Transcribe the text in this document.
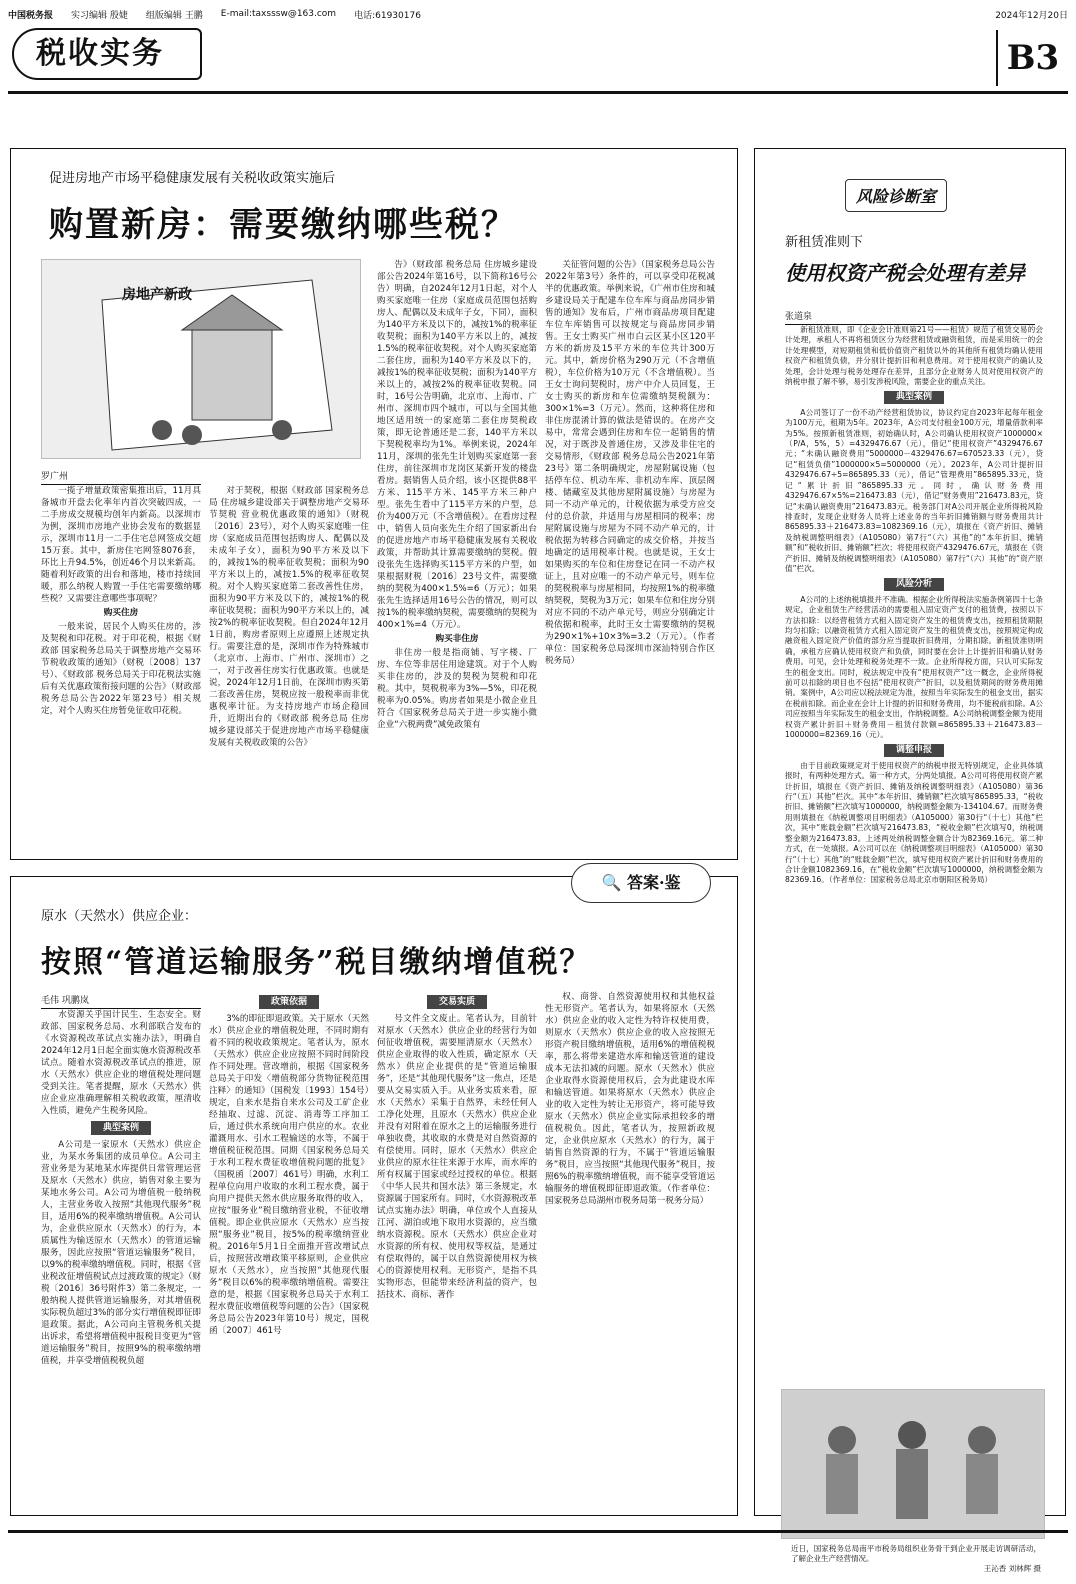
中国税务报 实习编辑 殷婕 组版编辑 王鹏 E-mail:taxsssw@163.com 电话:61930176	2024年12月20日
税收实务	B3
促进房地产市场平稳健康发展有关税收政策实施后
购置新房：需要缴纳哪些税？
房地产新政
罗广州

一揽子增量政策密集推出后，11月具备城市开盘去化率年内首次突破四成，一二手房成交规模均创年内新高。以深圳市为例，深圳市房地产业协会发布的数据显示，深圳市11月一二手住宅总网签成交超15万套。其中，新房住宅网签8076套，环比上升94.5%，创近46个月以来新高。随着利好政策的出台和落地，楼市持续回暖，那么纳税人购置一手住宅需要缴纳哪些税？又需要注意哪些事项呢？

购买住房

一般来说，居民个人购买住房的，涉及契税和印花税。对于印花税，根据《财政部 国家税务总局关于调整房地产交易环节税收政策的通知》（财税〔2008〕137号）、《财政部 税务总局关于印花税法实施后有关优惠政策衔接问题的公告》（财政部 税务总局公告2022年第23号）相关规定，对个人购买住房暂免征收印花税。

对于契税，根据《财政部 国家税务总局 住房城乡建设部关于调整房地产交易环节契税 营业税优惠政策的通知》（财税〔2016〕23号），对个人购买家庭唯一住房（家庭成员范围包括购房人、配偶以及未成年子女），面积为90平方米及以下的，减按1%的税率征收契税；面积为90平方米以上的，减按1.5%的税率征收契税。对个人购买家庭第二套改善性住房，面积为90平方米及以下的，减按1%的税率征收契税；面积为90平方米以上的，减按2%的税率征收契税。但自2024年12月1日前，购房者原则上应遵照上述规定执行。需要注意的是，深圳市作为特殊城市（北京市、上海市、广州市、深圳市）之一，对于改善住房实行优惠政策。也就是说，2024年12月1日前，在深圳市购买第二套改善住房，契税应按一般税率而非优惠税率计征。为支持房地产市场企稳回升，近期出台的《财政部 税务总局 住房城乡建设部关于促进房地产市场平稳健康发展有关税收政策的公告》

告》（财政部 税务总局 住房城乡建设部公告2024年第16号，以下简称16号公告）明确，自2024年12月1日起，对个人购买家庭唯一住房（家庭成员范围包括购房人、配偶以及未成年子女，下同），面积为140平方米及以下的，减按1%的税率征收契税；面积为140平方米以上的，减按1.5%的税率征收契税。对个人购买家庭第二套住房，面积为140平方米及以下的，减按1%的税率征收契税；面积为140平方米以上的，减按2%的税率征收契税。同时，16号公告明确，北京市、上海市、广州市、深圳市四个城市，可以与全国其他地区适用统一的家庭第二套住房契税政策，即无论普通还是二套，140平方米以下契税税率均为1%。举例来说，2024年11月，深圳的张先生计划购买家庭第一套住房，前往深圳市龙岗区某新开发的楼盘看房。据销售人员介绍，该小区提供88平方米、115平方米、145平方米三种户型。张先生看中了115平方米的户型，总价为400万元（不含增值税）。在看房过程中，销售人员向张先生介绍了国家新出台的促进房地产市场平稳健康发展有关税收政策，并帮助其计算需要缴纳的契税。假设张先生选择购买115平方米的户型，如果根据财税〔2016〕23号文件，需要缴纳的契税为400×1.5%=6（万元）；如果张先生选择适用16号公告的情况，则可以按1%的税率缴纳契税，需要缴纳的契税为400×1%=4（万元）。

购买非住房

非住房一般是指商铺、写字楼、厂房、车位等非居住用途建筑。对于个人购买非住房的，涉及的契税为契税和印花税。其中，契税税率为3%—5%，印花税税率为0.05%。购房者如果是小微企业且符合《国家税务总局关于进一步实施小微企业“六税两费”减免政策有

关征管问题的公告》（国家税务总局公告2022年第3号）条件的，可以享受印花税减半的优惠政策。举例来说，《广州市住房和城乡建设局关于配建车位车库与商品房同步销售的通知》发布后，广州市商品房项目配建车位车库销售可以按规定与商品房同步销售。王女士购买广州市白云区某小区120平方米的新房及15平方米的车位共计300万元。其中，新房价格为290万元（不含增值税），车位价格为10万元（不含增值税）。当王女士询问契税时，房产中介人员回复，王女士购买的新房和车位需缴纳契税额为：300×1%=3（万元）。然而，这种将住房和非住房混淆计算的做法是错误的。在房产交易中，常常会遇到住房和车位一起销售的情况，对于既涉及普通住房，又涉及非住宅的交易情形，《财政部 税务总局公告2021年第23号》第二条明确规定，房屋附属设施（包括停车位、机动车库、非机动车库、顶层阁楼、储藏室及其他房屋附属设施）与房屋为同一不动产单元的，计税依据为承受方应交付的总价款，并适用与房屋相同的税率；房屋附属设施与房屋为不同不动产单元的，计税依据为转移合同确定的成交价格，并按当地确定的适用税率计税。也就是说，王女士如果购买的车位和住房登记在同一不动产权证上，且对应唯一的不动产单元号，则车位的契税税率与房屋相同，均按照1%的税率缴纳契税，契税为3万元；如果车位和住房分别对应不同的不动产单元号，则应分别确定计税依据和税率，此时王女士需要缴纳的契税为290×1%+10×3%=3.2（万元）。（作者单位：国家税务总局深圳市深汕特别合作区税务局）

🔍 答案·鉴
原水（天然水）供应企业：
按照“管道运输服务”税目缴纳增值税？
毛伟 巩鹏岚

水资源关乎国计民生、生态安全。财政部、国家税务总局、水利部联合发布的《水资源税改革试点实施办法》，明确自2024年12月1日起全面实施水资源税改革试点。随着水资源税改革试点的推进，原水（天然水）供应企业的增值税处理问题受到关注。笔者提醒，原水（天然水）供应企业应准确理解相关税收政策，厘清收入性质，避免产生税务风险。

典型案例

A公司是一家原水（天然水）供应企业，为某水务集团的成员单位。A公司主营业务是为某地某水库提供日常管理运营及原水（天然水）供应，销售对象主要为某地水务公司。A公司为增值税一般纳税人，主营业务收入按照“其他现代服务”税目，适用6%的税率缴纳增值税。A公司认为，企业供应原水（天然水）的行为，本质属性为输送原水（天然水）的管道运输服务，因此应按照“管道运输服务”税目，以9%的税率缴纳增值税。同时，根据《营业税改征增值税试点过渡政策的规定》（财税〔2016〕36号附件3）第二条规定，一般纳税人提供管道运输服务，对其增值税实际税负超过3%的部分实行增值税即征即退政策。据此，A公司向主管税务机关提出诉求，希望将增值税申报税目变更为“管道运输服务”税目，按照9%的税率缴纳增值税，并享受增值税税负超

政策依据

3%的即征即退政策。关于原水（天然水）供应企业的增值税处理，不同时期有着不同的税收政策规定。笔者认为，原水（天然水）供应企业应按照不同时间阶段作不同处理。营改增前，根据《国家税务总局关于印发〈增值税部分货物征税范围注释〉的通知》（国税发〔1993〕154号）规定，自来水是指自来水公司及工矿企业经抽取、过滤、沉淀、消毒等工序加工后，通过供水系统向用户供应的水。农业灌溉用水、引水工程输送的水等，不属于增值税征税范围。同期《国家税务总局关于水利工程水费征收增值税问题的批复》（国税函〔2007〕461号）明确，水利工程单位向用户收取的水利工程水费，属于向用户提供天然水供应服务取得的收入，应按“服务业”税目缴纳营业税，不征收增值税。即企业供应原水（天然水）应当按照“服务业”税目，按5%的税率缴纳营业税。2016年5月1日全面推开营改增试点后，按照营改增政策平移原则，企业供应原水（天然水），应当按照“其他现代服务”税目以6%的税率缴纳增值税。需要注意的是，根据《国家税务总局关于水利工程水费征收增值税等问题的公告》（国家税务总局公告2023年第10号）规定，国税函〔2007〕461号

交易实质

号文件全文废止。笔者认为，目前针对原水（天然水）供应企业的经营行为如何征收增值税，需要厘清原水（天然水）供应企业取得的收入性质，确定原水（天然水）供应企业提供的是“管道运输服务”，还是“其他现代服务”这一焦点，还是要从交易实质入手。从业务实质来看，原水（天然水）采集于自然界，未经任何人工净化处理，且原水（天然水）供应企业并没有对附着在原水之上的运输服务进行单独收费，其收取的水费是对自然资源的有偿使用。同时，原水（天然水）供应企业供应的原水往往来源于水库，而水库的所有权属于国家或经过授权的单位。根据《中华人民共和国水法》第三条规定，水资源属于国家所有。同时，《水资源税改革试点实施办法》明确，单位或个人直接从江河、湖泊或地下取用水资源的，应当缴纳水资源税。原水（天然水）供应企业对水资源的所有权、使用权等权益，是通过有偿取得的，属于以自然资源使用权为核心的资源使用权利。无形资产，是指不具实物形态，但能带来经济利益的资产，包括技术、商标、著作

权、商誉、自然资源使用权和其他权益性无形资产。笔者认为，如果将原水（天然水）供应企业的收入定性为特许权使用费，则原水（天然水）供应企业的收入应按照无形资产税目缴纳增值税，适用6%的增值税税率，那么将带来建造水库和输送管道的建设成本无法扣减的问题。原水（天然水）供应企业取得水资源使用权后，会为此建设水库和输送管道。如果将原水（天然水）供应企业的收入定性为转让无形资产，将可能导致原水（天然水）供应企业实际承担较多的增值税税负。因此，笔者认为，按照新政规定，企业供应原水（天然水）的行为，属于销售自然资源的行为，不属于“管道运输服务”税目，应当按照“其他现代服务”税目，按照6%的税率缴纳增值税，而不能享受管道运输服务的增值税即征即退政策。（作者单位：国家税务总局湖州市税务局第一税务分局）

风险诊断室
新租赁准则下
使用权资产税会处理有差异
张道泉

新租赁准则，即《企业会计准则第21号——租赁》规范了租赁交易的会计处理，承租人不再将租赁区分为经营租赁或融资租赁，而是采用统一的会计处理模型，对短期租赁和低价值资产租赁以外的其他所有租赁均确认使用权资产和租赁负债，并分别计提折旧和利息费用。对于使用权资产的确认及处理，会计处理与税务处理存在差异，且部分企业财务人员对使用权资产的纳税申报了解不够，易引发涉税风险，需要企业的重点关注。

典型案例

A公司签订了一份不动产经营租赁协议，协议约定自2023年起每年租金为100万元，租期为5年。2023年，A公司支付租金100万元，增量借款利率为5%。按照新租赁准则，初始确认时，A公司确认使用权资产1000000×（P/A，5%，5）=4329476.67（元），借记“使用权资产”4329476.67元；“未确认融资费用”5000000－4329476.67=670523.33（元），贷记“租赁负债”1000000×5=5000000（元）。2023年，A公司计提折旧4329476.67÷5=865895.33（元），借记“管理费用”865895.33元，贷记“累计折旧”865895.33元。同时，确认财务费用4329476.67×5%=216473.83（元），借记“财务费用”216473.83元，贷记“未确认融资费用”216473.83元。税务部门对A公司开展企业所得税风险排查时，发现企业财务人员将上述业务的当年折旧摊销额与财务费用共计865895.33＋216473.83=1082369.16（元），填报在《资产折旧、摊销及纳税调整明细表》（A105080）第7行“（六）其他”的“本年折旧、摊销额”和“税收折旧、摊销额”栏次；将使用权资产4329476.67元，填报在《资产折旧、摊销及纳税调整明细表》（A105080）第7行“（六）其他”的“资产原值”栏次。

风险分析

A公司的上述纳税填报并不准确。根据企业所得税法实施条例第四十七条规定，企业租赁生产经营活动的需要租入固定资产支付的租赁费，按照以下方法扣除：以经营租赁方式租入固定资产发生的租赁费支出，按照租赁期限均匀扣除；以融资租赁方式租入固定资产发生的租赁费支出，按照规定构成融资租入固定资产价值的部分应当提取折旧费用，分期扣除。新租赁准则明确，承租方应确认使用权资产和负债，同时要在会计上计提折旧和确认财务费用。可见，会计处理和税务处理不一致。企业所得税方面，只认可实际发生的租金支出。同时，税法规定中没有“使用权资产”这一概念，企业所得税前可以扣除的项目也不包括“使用权资产”折旧，以及租赁期间的财务费用摊销。案例中，A公司应以税法规定为准，按照当年实际发生的租金支出，据实在税前扣除。而企业在会计上计提的折旧和财务费用，均不能税前扣除。A公司应按照当年实际发生的租金支出，作纳税调整。A公司纳税调整金额为使用权资产累计折旧＋财务费用－租赁付款额=865895.33＋216473.83－1000000=82369.16（元）。

调整申报

由于目前政策规定对于使用权资产的纳税申报无特别规定，企业具体填报时，有两种处理方式。第一种方式，分两处填报。A公司可将使用权资产累计折旧，填报在《资产折旧、摊销及纳税调整明细表》（A105080）第36行“（五）其他”栏次。其中“本年折旧、摊销额”栏次填写865895.33，“税收折旧、摊销额”栏次填写1000000，纳税调整金额为-134104.67。而财务费用则填报在《纳税调整项目明细表》（A105000）第30行“（十七）其他”栏次，其中“账载金额”栏次填写216473.83，“税收金额”栏次填写0，纳税调整金额为216473.83。上述两处纳税调整金额合计为82369.16元。第二种方式，在一处填报。A公司可以在《纳税调整项目明细表》（A105000）第30行“（十七）其他”的“账载金额”栏次，填写使用权资产累计折旧和财务费用的合计金额1082369.16，在“税收金额”栏次填写1000000，纳税调整金额为82369.16。（作者单位：国家税务总局北京市朝阳区税务局）

近日，国家税务总局南平市税务局组织业务骨干到企业开展走访调研活动，了解企业生产经营情况。

王沁香 刘林辉 摄
